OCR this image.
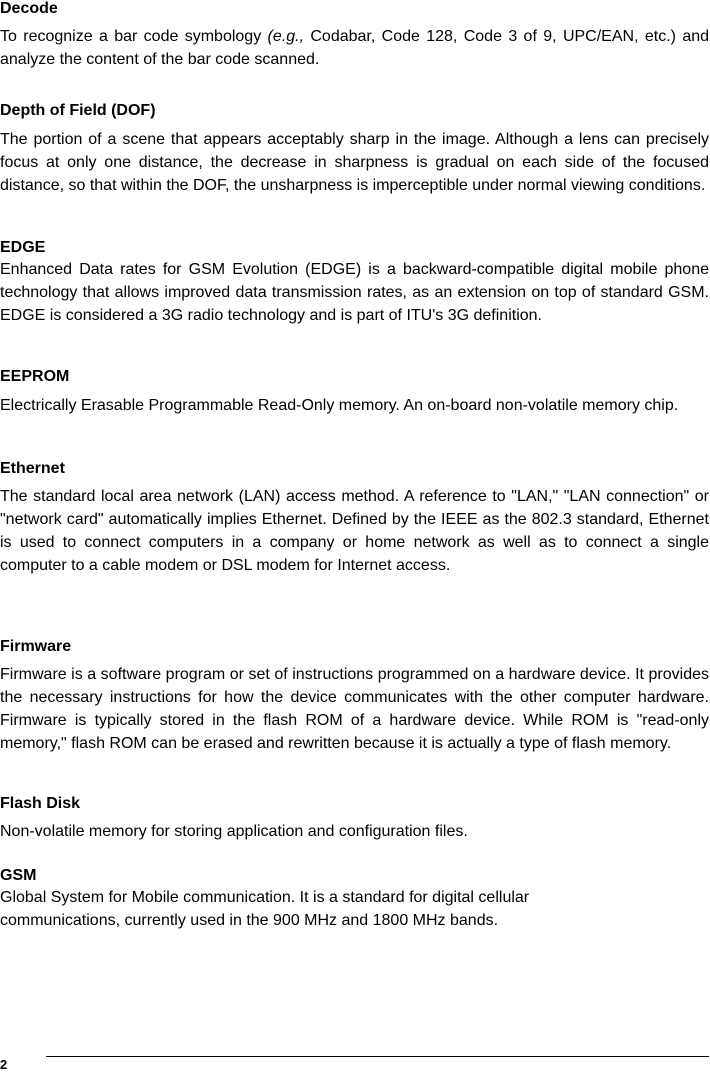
Decode

To recognize a bar code symbology (e.g., Codabar, Code 128, Code 3 of 9, UPC/EAN, etc.) and analyze the content of the bar code scanned.

Depth of Field (DOF)

The portion of a scene that appears acceptably sharp in the image. Although a lens can precisely focus at only one distance, the decrease in sharpness is gradual on each side of the focused distance, so that within the DOF, the unsharpness is imperceptible under normal viewing conditions.

EDGE

Enhanced Data rates for GSM Evolution (EDGE) is a backward-compatible digital mobile phone technology that allows improved data transmission rates, as an extension on top of standard GSM. EDGE is considered a 3G radio technology and is part of ITU's 3G definition.

EEPROM

Electrically Erasable Programmable Read-Only memory. An on-board non-volatile memory chip.

Ethernet

The standard local area network (LAN) access method. A reference to "LAN," "LAN connection" or "network card" automatically implies Ethernet. Defined by the IEEE as the 802.3 standard, Ethernet is used to connect computers in a company or home network as well as to connect a single computer to a cable modem or DSL modem for Internet access.

Firmware

Firmware is a software program or set of instructions programmed on a hardware device. It provides the necessary instructions for how the device communicates with the other computer hardware. Firmware is typically stored in the flash ROM of a hardware device. While ROM is "read-only memory," flash ROM can be erased and rewritten because it is actually a type of flash memory.

Flash Disk

Non-volatile memory for storing application and configuration files.

GSM

Global System for Mobile communication. It is a standard for digital cellular
communications, currently used in the 900 MHz and 1800 MHz bands.

2
